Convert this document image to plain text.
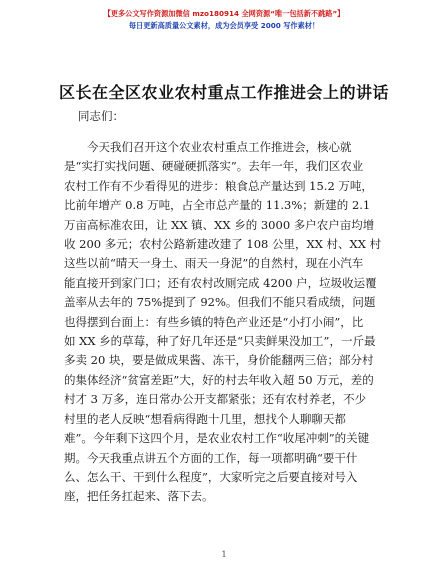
【更多公文写作资源加微信 mzo180914 全网资源“唯一包括新不跳路”】
每日更新高质量公文素材，成为会员享受 2000 写作素材！
区长在全区农业农村重点工作推进会上的讲话
同志们：
今天我们召开这个农业农村重点工作推进会，核心就
是“实打实找问题、硬碰硬抓落实”。去年一年，我们区农业
农村工作有不少看得见的进步：粮食总产量达到 15.2 万吨，
比前年增产 0.8 万吨，占全市总产量的 11.3%；新建的 2.1
万亩高标准农田，让 XX 镇、XX 乡的 3000 多户农户亩均增
收 200 多元；农村公路新建改建了 108 公里，XX 村、XX 村
这些以前“晴天一身土、雨天一身泥”的自然村，现在小汽车
能直接开到家门口；还有农村改厕完成 4200 户，垃圾收运覆
盖率从去年的 75%提到了 92%。但我们不能只看成绩，问题
也得摆到台面上：有些乡镇的特色产业还是“小打小闹”，比
如 XX 乡的草莓，种了好几年还是“只卖鲜果没加工”，一斤最
多卖 20 块，要是做成果酱、冻干，身价能翻两三倍；部分村
的集体经济“贫富差距”大，好的村去年收入超 50 万元，差的
村才 3 万多，连日常办公开支都紧张；还有农村养老，不少
村里的老人反映“想看病得跑十几里，想找个人聊聊天都
难”。今年剩下这四个月，是农业农村工作“收尾冲刺”的关键
期。今天我重点讲五个方面的工作，每一项都明确“要干什
么、怎么干、干到什么程度”，大家听完之后要直接对号入
座，把任务扛起来、落下去。
1
